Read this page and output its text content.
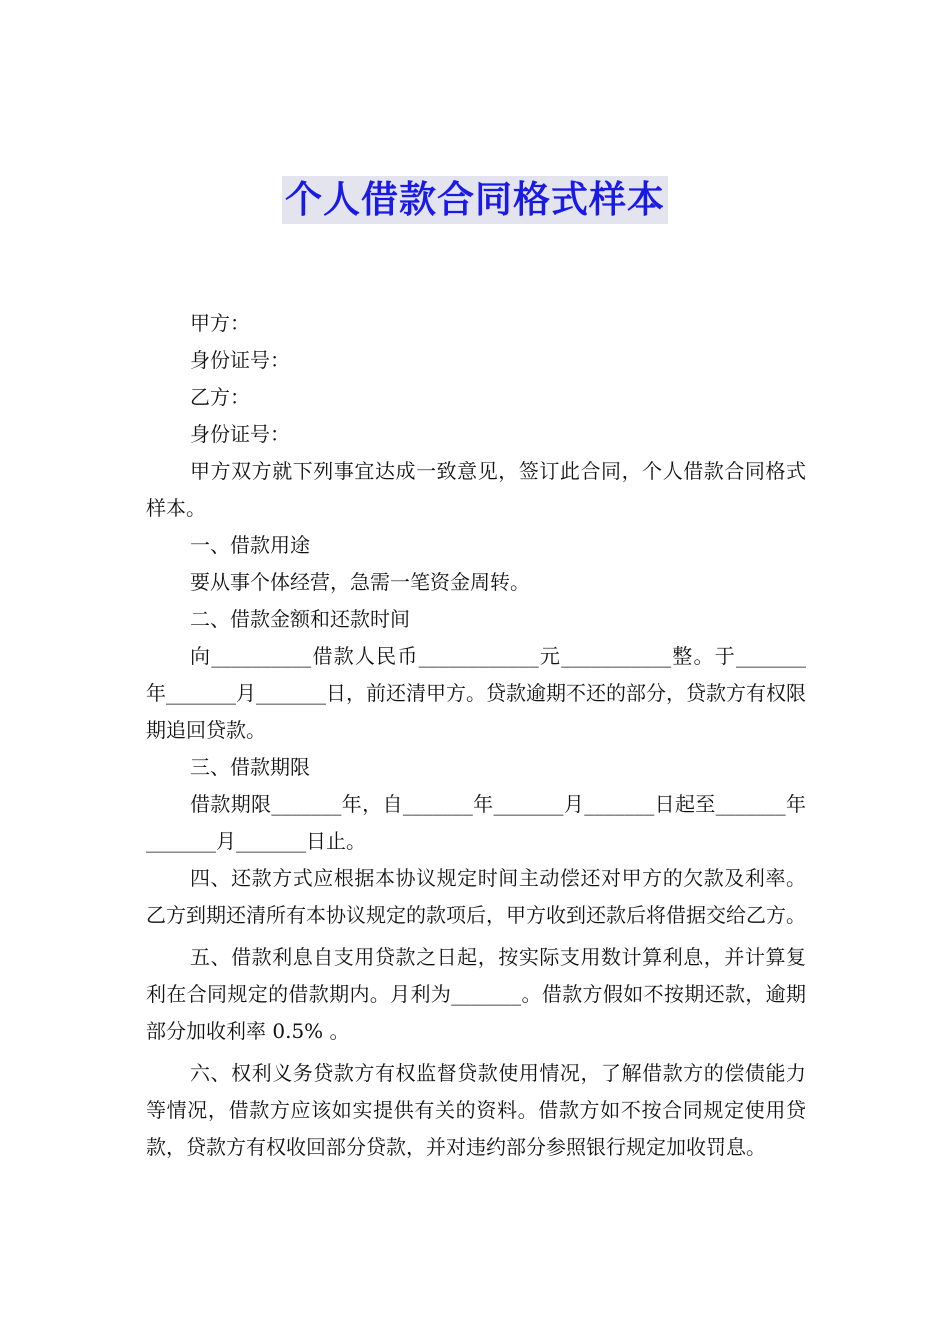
个人借款合同格式样本

甲方：

身份证号：

乙方：

身份证号：

甲方双方就下列事宜达成一致意见，签订此合同，个人借款合同格式样本。

一、借款用途

要从事个体经营，急需一笔资金周转。

二、借款金额和还款时间

向__________借款人民币____________元___________整。于_______年_______月_______日，前还清甲方。贷款逾期不还的部分，贷款方有权限期追回贷款。

三、借款期限

借款期限_______年，自_______年_______月_______日起至_______年_______月_______日止。

四、还款方式应根据本协议规定时间主动偿还对甲方的欠款及利率。乙方到期还清所有本协议规定的款项后，甲方收到还款后将借据交给乙方。

五、借款利息自支用贷款之日起，按实际支用数计算利息，并计算复利在合同规定的借款期内。月利为_______。借款方假如不按期还款，逾期部分加收利率 0.5% 。

六、权利义务贷款方有权监督贷款使用情况，了解借款方的偿债能力等情况，借款方应该如实提供有关的资料。借款方如不按合同规定使用贷款，贷款方有权收回部分贷款，并对违约部分参照银行规定加收罚息。
